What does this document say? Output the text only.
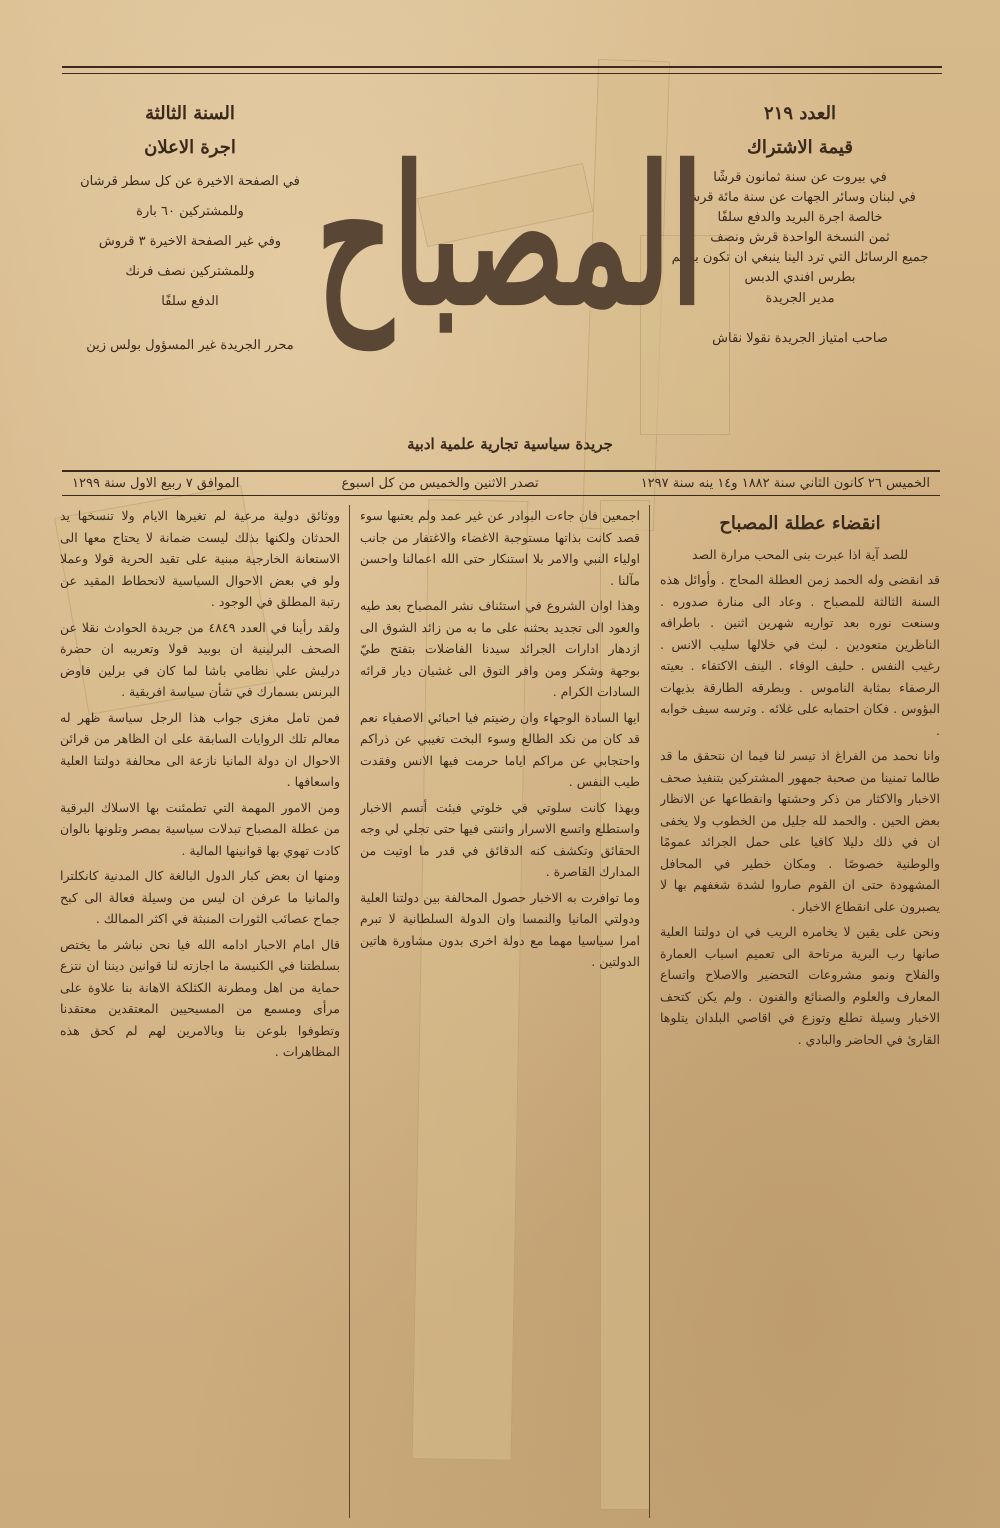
العدد ٢١٩
قيمة الاشتراك
في بيروت عن سنة ثمانون قرشًا
في لبنان وسائر الجهات عن سنة مائة قرش
خالصة اجرة البريد والدفع سلفًا
ثمن النسخة الواحدة قرش ونصف
جميع الرسائل التي ترد الينا ينبغي ان تكون باسم
بطرس افندي الدبس
مدير الجريدة
صاحب امتياز الجريدة نقولا نقاش
المصباح
جريدة سياسية تجارية علمية ادبية
السنة الثالثة
اجرة الاعلان
في الصفحة الاخيرة عن كل سطر قرشان
وللمشتركين ٦٠ بارة
وفي غير الصفحة الاخيرة ٣ قروش
وللمشتركين نصف فرنك
الدفع سلفًا
محرر الجريدة غير المسؤول بولس زين
الخميس ٢٦ كانون الثاني سنة ١٨٨٢ و١٤ ينه سنة ١٢٩٧
تصدر الاثنين والخميس من كل اسبوع
الموافق ٧ ربيع الاول سنة ١٢٩٩
انقضاء عطلة المصباح
للصد آية اذا عبرت بنى المحب مرارة الصد

قد انقضى وله الحمد زمن العطلة المحاج . وأوائل هذه السنة الثالثة للمصباح . وعاد الى منارة صدوره . وسنعت نوره بعد تواريه شهرين اثنين . باطرافه الناظرين متعودين . لبث في خلالها سليب الانس . رغيب النفس . حليف الوفاء . الينف الاكتفاء . بعيته الرصفاء بمثابة الناموس . وبطرقه الطارقة بذيهات البؤوس . فكان احتمابه على غلائه . وترسه سيف خوابه .

وانا نحمد من الفراغ اذ تيسر لنا فيما ان نتحقق ما قد طالما تمنينا من صحبة جمهور المشتركين بتنفيذ صحف الاخبار والاكثار من ذكر وحشتها وانقطاعها عن الانظار بعض الحين . والحمد لله جليل من الخطوب ولا يخفى ان في ذلك دليلا كافيا على حمل الجرائد عمومًا والوطنية خصوصًا . ومكان خطير في المحافل المشهودة حتى ان القوم صاروا لشدة شغفهم بها لا يصبرون على انقطاع الاخبار .

ونحن على يقين لا يخامره الريب في ان دولتنا العلية صانها رب البرية مرتاحة الى تعميم اسباب العمارة والفلاح ونمو مشروعات التحضير والاصلاح واتساع المعارف والعلوم والصنائع والفنون . ولم يكن كتحف الاخبار وسيلة تطلع وتوزع في اقاصي البلدان يتلوها القارئ في الحاضر والبادي .

اجمعين فان جاءت البوادر عن غير عمد ولم يعتبها سوء قصد كانت بذاتها مستوجبة الاغضاء والاغتفار من جانب اولياء النبي والامر بلا استنكار حتى الله اعمالنا واحسن مآلنا .

وهذا اوان الشروع في استئناف نشر المصباح بعد طيه والعود الى تجديد بحثنه على ما به من زائد الشوق الى ازدهار ادارات الجرائد سيدنا الفاضلات بتفتح طيّ بوجهة وشكر ومن وافر التوق الى غشيان ديار قرائه السادات الكرام .

ايها السادة الوجهاء وان رضيتم فيا احبائي الاصفياء نعم قد كان من نكد الطالع وسوء البخت تغيبي عن ذراكم واحتجابي عن مراكم اياما حرمت فيها الانس وفقدت طيب النفس .

وبهذا كانت سلوتي في خلوتي فبئت أتسم الاخبار واستطلع واتسع الاسرار واتنتى فيها حتى تجلي لي وجه الحقائق وتكشف كنه الدقائق في قدر ما اوتيت من المدارك القاصرة .

وما توافرت به الاخبار حصول المحالفة بين دولتنا العلية ودولتي المانيا والنمسا وان الدولة السلطانية لا تبرم امرا سياسيا مهما مع دولة اخرى بدون مشاورة هاتين الدولتين .

ووثائق دولية مرعية لم تغيرها الايام ولا تنسخها يد الحدثان ولكنها بذلك ليست ضمانة لا يحتاج معها الى الاستعانة الخارجية مبنية على تقيد الحرية قولا وعملا ولو في بعض الاحوال السياسية لانحطاط المقيد عن رتبة المطلق في الوجود .

ولقد رأينا في العدد ٤٨٤٩ من جريدة الحوادث نقلا عن الصحف البرلينية ان بوبيد قولا وتعريبه ان حضرة درليش علي نظامي باشا لما كان في برلين فاوض البرنس بسمارك في شأن سياسة افريقية .

فمن تامل مغزى جواب هذا الرجل سياسة ظهر له معالم تلك الروايات السابقة على ان الظاهر من قرائن الاحوال ان دولة المانيا نازعة الى محالفة دولتنا العلية واسعافها .

ومن الامور المهمة التي تطمئنت بها الاسلاك البرقية من عطلة المصباح تبدلات سياسية بمصر وتلونها بالوان كادت تهوي بها قوانينها المالية .

ومنها ان بعض كبار الدول البالغة كال المدنية كانكلترا والمانيا ما عرفن ان ليس من وسيلة فعالة الى كبح جماح عصائب الثورات المنبثة في اكثر الممالك .

قال امام الاحبار ادامه الله فيا نحن نباشر ما يختص بسلطتنا في الكنيسة ما اجازته لنا قوانين ديننا ان نتزع حماية من اهل ومطرنة الكثلكة الاهانة بنا علاوة على مرأى ومسمع من المسيحيين المعتقدين معتقدنا وتطوفوا بلوعن بنا وبالامرين لهم لم كحق هذه المظاهرات .
